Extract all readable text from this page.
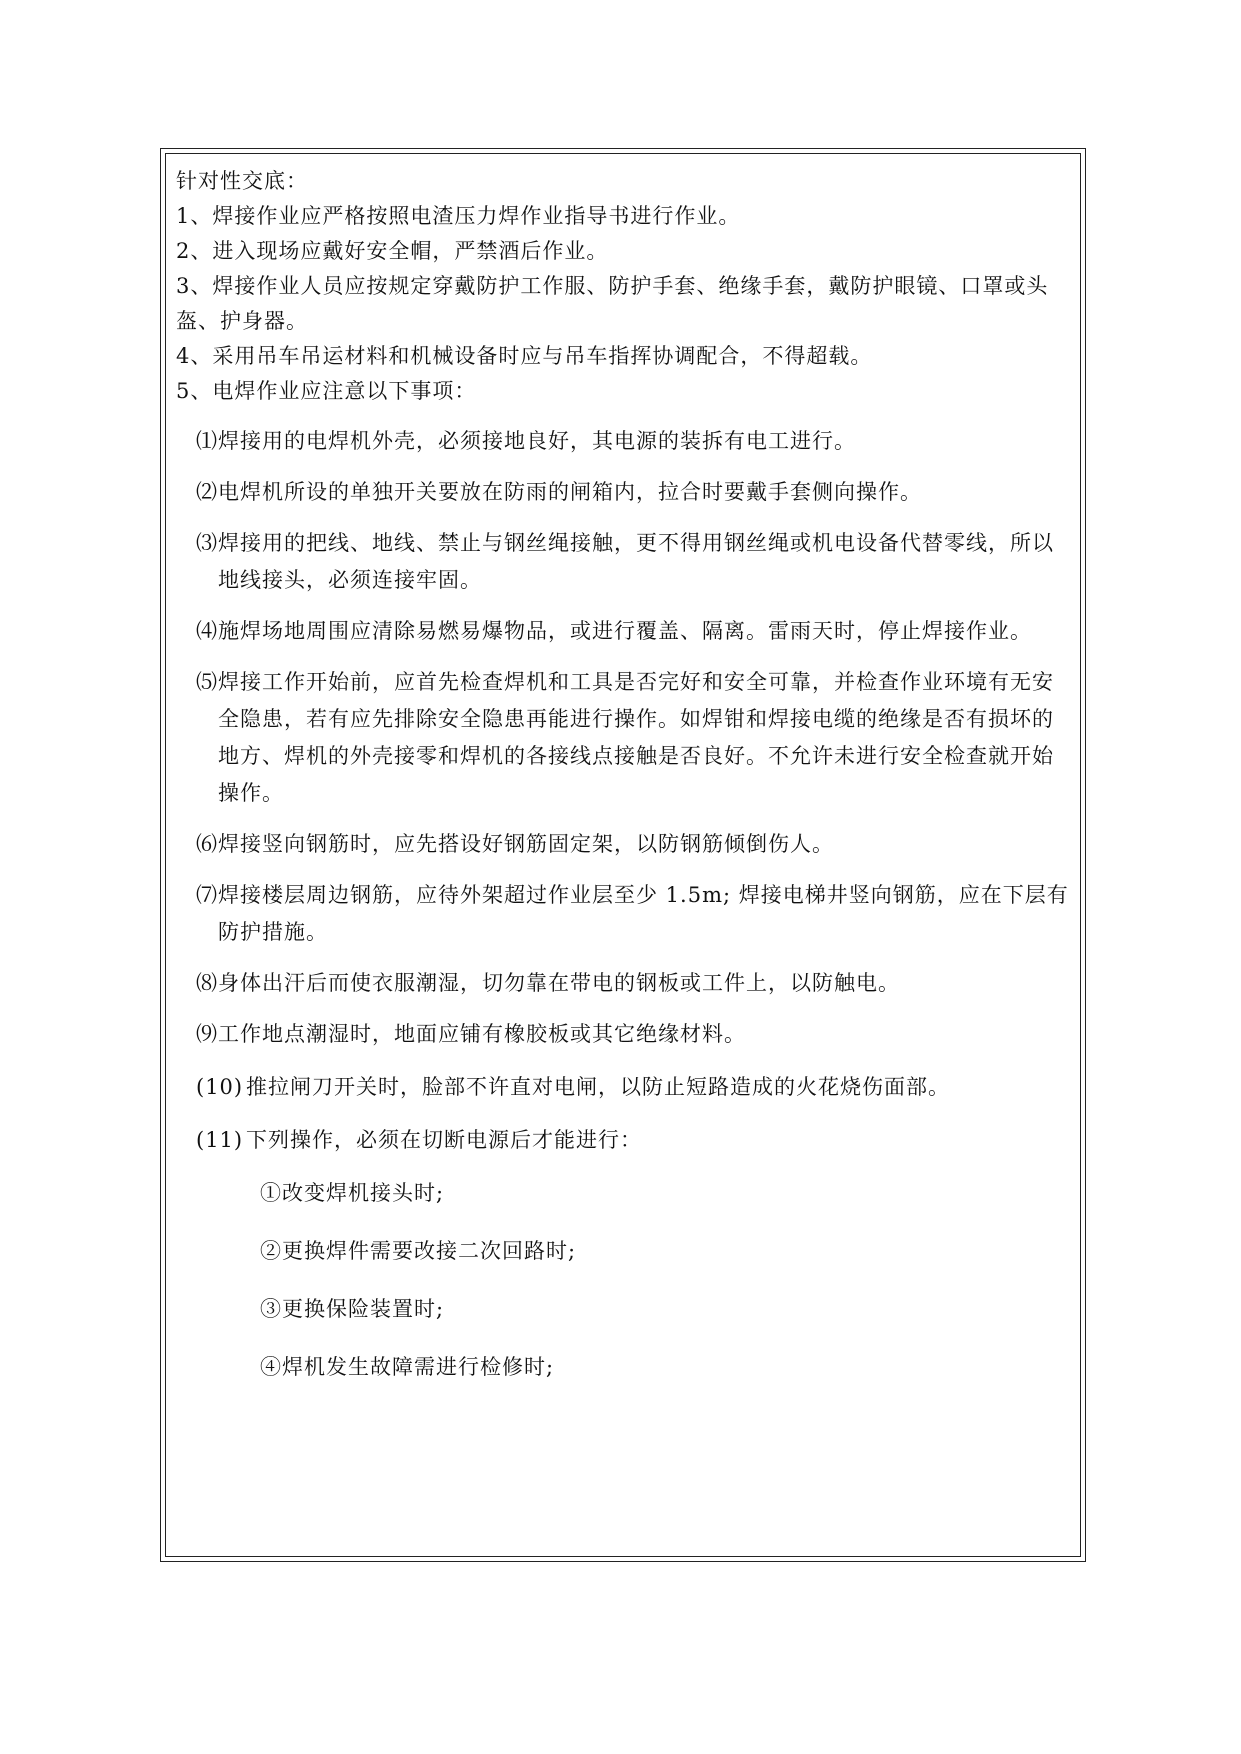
针对性交底：

1、焊接作业应严格按照电渣压力焊作业指导书进行作业。

2、进入现场应戴好安全帽，严禁酒后作业。

3、焊接作业人员应按规定穿戴防护工作服、防护手套、绝缘手套，戴防护眼镜、口罩或头盔、护身器。

4、采用吊车吊运材料和机械设备时应与吊车指挥协调配合，不得超载。

5、电焊作业应注意以下事项：

⑴ 焊接用的电焊机外壳，必须接地良好，其电源的装拆有电工进行。
⑵ 电焊机所设的单独开关要放在防雨的闸箱内，拉合时要戴手套侧向操作。
⑶ 焊接用的把线、地线、禁止与钢丝绳接触，更不得用钢丝绳或机电设备代替零线，所以地线接头，必须连接牢固。
⑷ 施焊场地周围应清除易燃易爆物品，或进行覆盖、隔离。雷雨天时，停止焊接作业。
⑸ 焊接工作开始前，应首先检查焊机和工具是否完好和安全可靠，并检查作业环境有无安全隐患，若有应先排除安全隐患再能进行操作。如焊钳和焊接电缆的绝缘是否有损坏的地方、焊机的外壳接零和焊机的各接线点接触是否良好。不允许未进行安全检查就开始操作。
⑹ 焊接竖向钢筋时，应先搭设好钢筋固定架，以防钢筋倾倒伤人。
⑺ 焊接楼层周边钢筋，应待外架超过作业层至少 1.5m; 焊接电梯井竖向钢筋，应在下层有防护措施。
⑻ 身体出汗后而使衣服潮湿，切勿靠在带电的钢板或工件上，以防触电。
⑼ 工作地点潮湿时，地面应铺有橡胶板或其它绝缘材料。
(10) 推拉闸刀开关时，脸部不许直对电闸，以防止短路造成的火花烧伤面部。
(11) 下列操作，必须在切断电源后才能进行：

①改变焊机接头时;

②更换焊件需要改接二次回路时;

③更换保险装置时;

④焊机发生故障需进行检修时;
